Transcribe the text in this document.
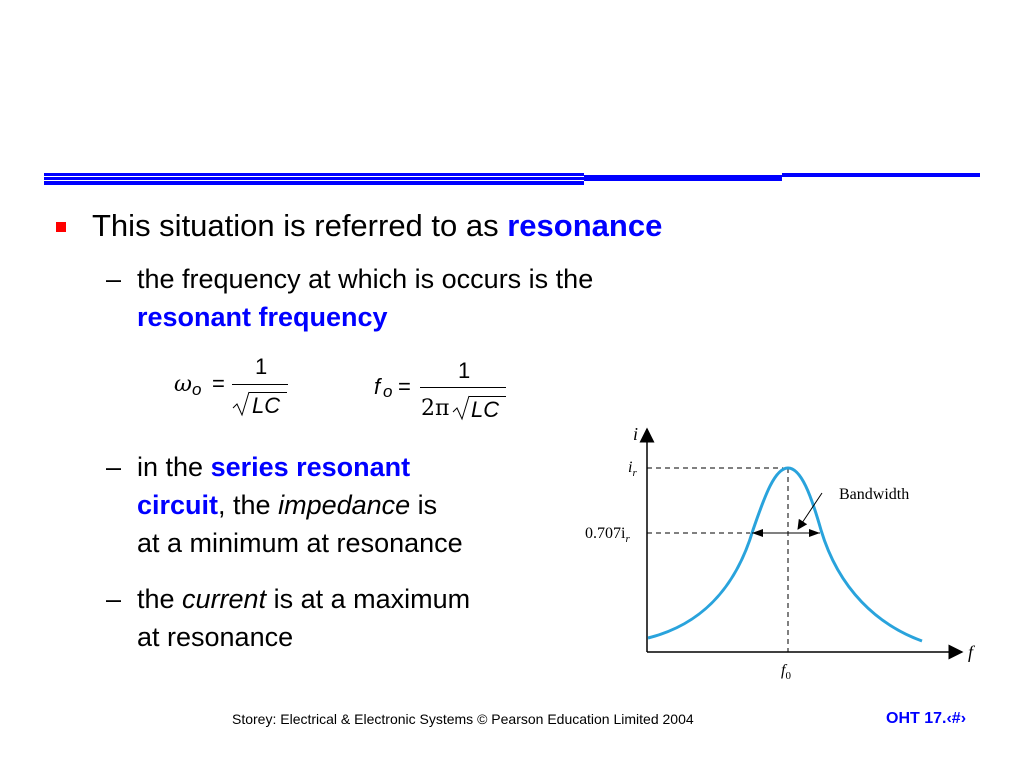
This situation is referred to as resonance
– the frequency at which is occurs is the
resonant frequency
ω o =
1
LC
f o =
1
2π LC
– in the series resonant
circuit, the impedance is
at a minimum at resonance
– the current is at a maximum
at resonance
i
f
$i_r$
$0.707i_r$
$f_0$
Bandwidth
Storey: Electrical & Electronic Systems © Pearson Education Limited 2004	OHT 17.‹#›
